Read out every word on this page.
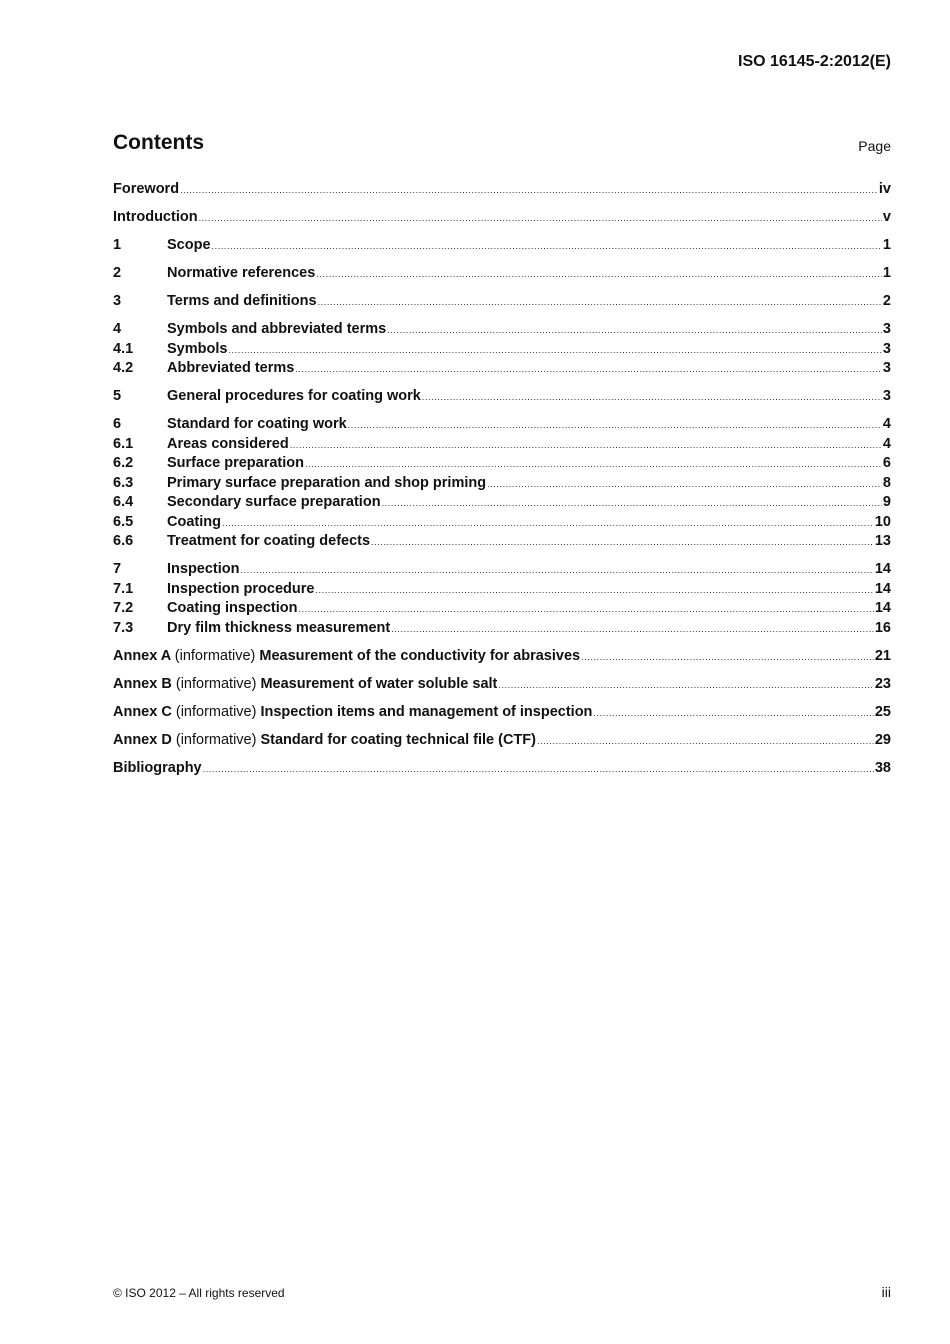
ISO 16145-2:2012(E)
Contents	Page
Foreword .....	iv
Introduction .....	v
1	Scope .....	1
2	Normative references .....	1
3	Terms and definitions .....	2
4	Symbols and abbreviated terms .....	3
4.1	Symbols .....	3
4.2	Abbreviated terms .....	3
5	General procedures for coating work .....	3
6	Standard for coating work .....	4
6.1	Areas considered .....	4
6.2	Surface preparation .....	6
6.3	Primary surface preparation and shop priming .....	8
6.4	Secondary surface preparation .....	9
6.5	Coating .....	10
6.6	Treatment for coating defects .....	13
7	Inspection .....	14
7.1	Inspection procedure .....	14
7.2	Coating inspection .....	14
7.3	Dry film thickness measurement .....	16
Annex A (informative) Measurement of the conductivity for abrasives .....	21
Annex B (informative) Measurement of water soluble salt .....	23
Annex C (informative) Inspection items and management of inspection .....	25
Annex D (informative) Standard for coating technical file (CTF) .....	29
Bibliography .....	38
© ISO 2012 – All rights reserved	iii
